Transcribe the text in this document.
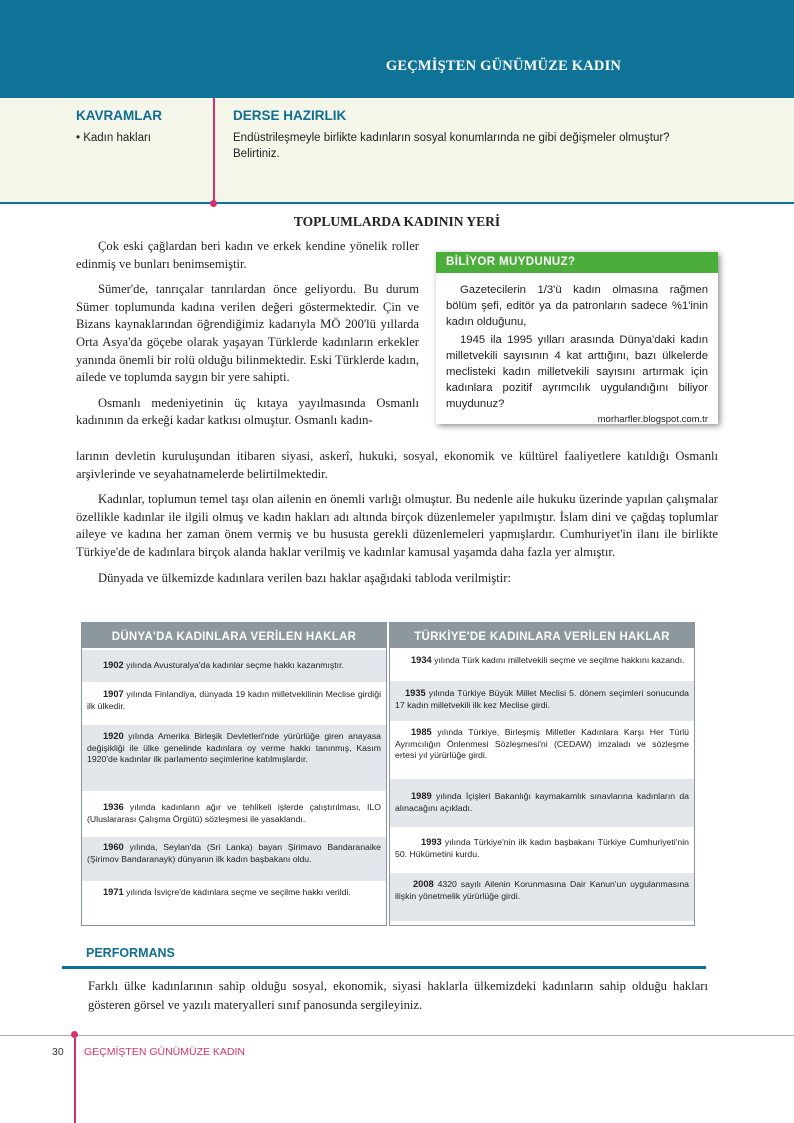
GEÇMİŞTEN GÜNÜMÜZE KADIN
KAVRAMLAR
• Kadın hakları
DERSE HAZIRLIK
Endüstrileşmeyle birlikte kadınların sosyal konumlarında ne gibi değişmeler olmuştur? Belirtiniz.
TOPLUMLARDA KADININ YERİ

Çok eski çağlardan beri kadın ve erkek kendine yönelik roller edinmiş ve bunları benimsemiştir.

Sümer'de, tanrıçalar tanrılardan önce geliyordu. Bu durum Sümer toplumunda kadına verilen değeri göstermektedir. Çin ve Bizans kaynaklarından öğrendiğimiz kadarıyla MÖ 200'lü yıllarda Orta Asya'da göçebe olarak yaşayan Türklerde kadınların erkekler yanında önemli bir rolü olduğu bilinmektedir. Eski Türklerde kadın, ailede ve toplumda saygın bir yere sahipti.

Osmanlı medeniyetinin üç kıtaya yayılmasında Osmanlı kadınının da erkeği kadar katkısı olmuştur. Osmanlı kadın-

larının devletin kuruluşundan itibaren siyasi, askerî, hukuki, sosyal, ekonomik ve kültürel faaliyetlere katıldığı Osmanlı arşivlerinde ve seyahatnamelerde belirtilmektedir.

Kadınlar, toplumun temel taşı olan ailenin en önemli varlığı olmuştur. Bu nedenle aile hukuku üzerinde yapılan çalışmalar özellikle kadınlar ile ilgili olmuş ve kadın hakları adı altında birçok düzenlemeler yapılmıştır. İslam dini ve çağdaş toplumlar aileye ve kadına her zaman önem vermiş ve bu hususta gerekli düzenlemeleri yapmışlardır. Cumhuriyet'in ilanı ile birlikte Türkiye'de de kadınlara birçok alanda haklar verilmiş ve kadınlar kamusal yaşamda daha fazla yer almıştır.

Dünyada ve ülkemizde kadınlara verilen bazı haklar aşağıdaki tabloda verilmiştir:

BİLİYOR MUYDUNUZ?

Gazetecilerin 1/3'ü kadın olmasına rağmen bölüm şefi, editör ya da patronların sadece %1'inin kadın olduğunu,

1945 ila 1995 yılları arasında Dünya'daki kadın milletvekili sayısının 4 kat arttığını, bazı ülkelerde meclisteki kadın milletvekili sayısını artırmak için kadınlara pozitif ayrımcılık uygulandığını biliyor muydunuz?

morharfler.blogspot.com.tr
DÜNYA'DA KADINLARA VERİLEN HAKLAR
1902 yılında Avusturalya'da kadınlar seçme hakkı kazanmıştır.
1907 yılında Finlandiya, dünyada 19 kadın milletvekilinin Meclise girdiği ilk ülkedir.
1920 yılında Amerika Birleşik Devletleri'nde yürürlüğe giren anayasa değişikliği ile ülke genelinde kadınlara oy verme hakkı tanınmış, Kasım 1920'de kadınlar ilk parlamento seçimlerine katılmışlardır.
1936 yılında kadınların ağır ve tehlikeli işlerde çalıştırılması, ILO (Uluslararası Çalışma Örgütü) sözleşmesi ile yasaklandı.
1960 yılında, Seylan'da (Sri Lanka) bayan Şirimavo Bandaranaike (Şirimov Bandaranayk) dünyanın ilk kadın başbakanı oldu.
1971 yılında İsviçre'de kadınlara seçme ve seçilme hakkı verildi.
TÜRKİYE'DE KADINLARA VERİLEN HAKLAR
1934 yılında Türk kadını milletvekili seçme ve seçilme hakkını kazandı.
1935 yılında Türkiye Büyük Millet Meclisi 5. dönem seçimleri sonucunda 17 kadın milletvekili ilk kez Meclise girdi.
1985 yılında Türkiye, Birleşmiş Milletler Kadınlara Karşı Her Türlü Ayrımcılığın Önlenmesi Sözleşmesi'ni (CEDAW) imzaladı ve sözleşme ertesi yıl yürürlüğe girdi.
1989 yılında İçişleri Bakanlığı kaymakamlık sınavlarına kadınların da alınacağını açıkladı.
1993 yılında Türkiye'nin ilk kadın başbakanı Türkiye Cumhuriyeti'nin 50. Hükümetini kurdu.
2008 4320 sayılı Ailenin Korunmasına Dair Kanun'un uygulanmasına ilişkin yönetmelik yürürlüğe girdi.
PERFORMANS
Farklı ülke kadınlarının sahip olduğu sosyal, ekonomik, siyasi haklarla ülkemizdeki kadınların sahip olduğu hakları gösteren görsel ve yazılı materyalleri sınıf panosunda sergileyiniz.
30 GEÇMİŞTEN GÜNÜMÜZE KADIN
